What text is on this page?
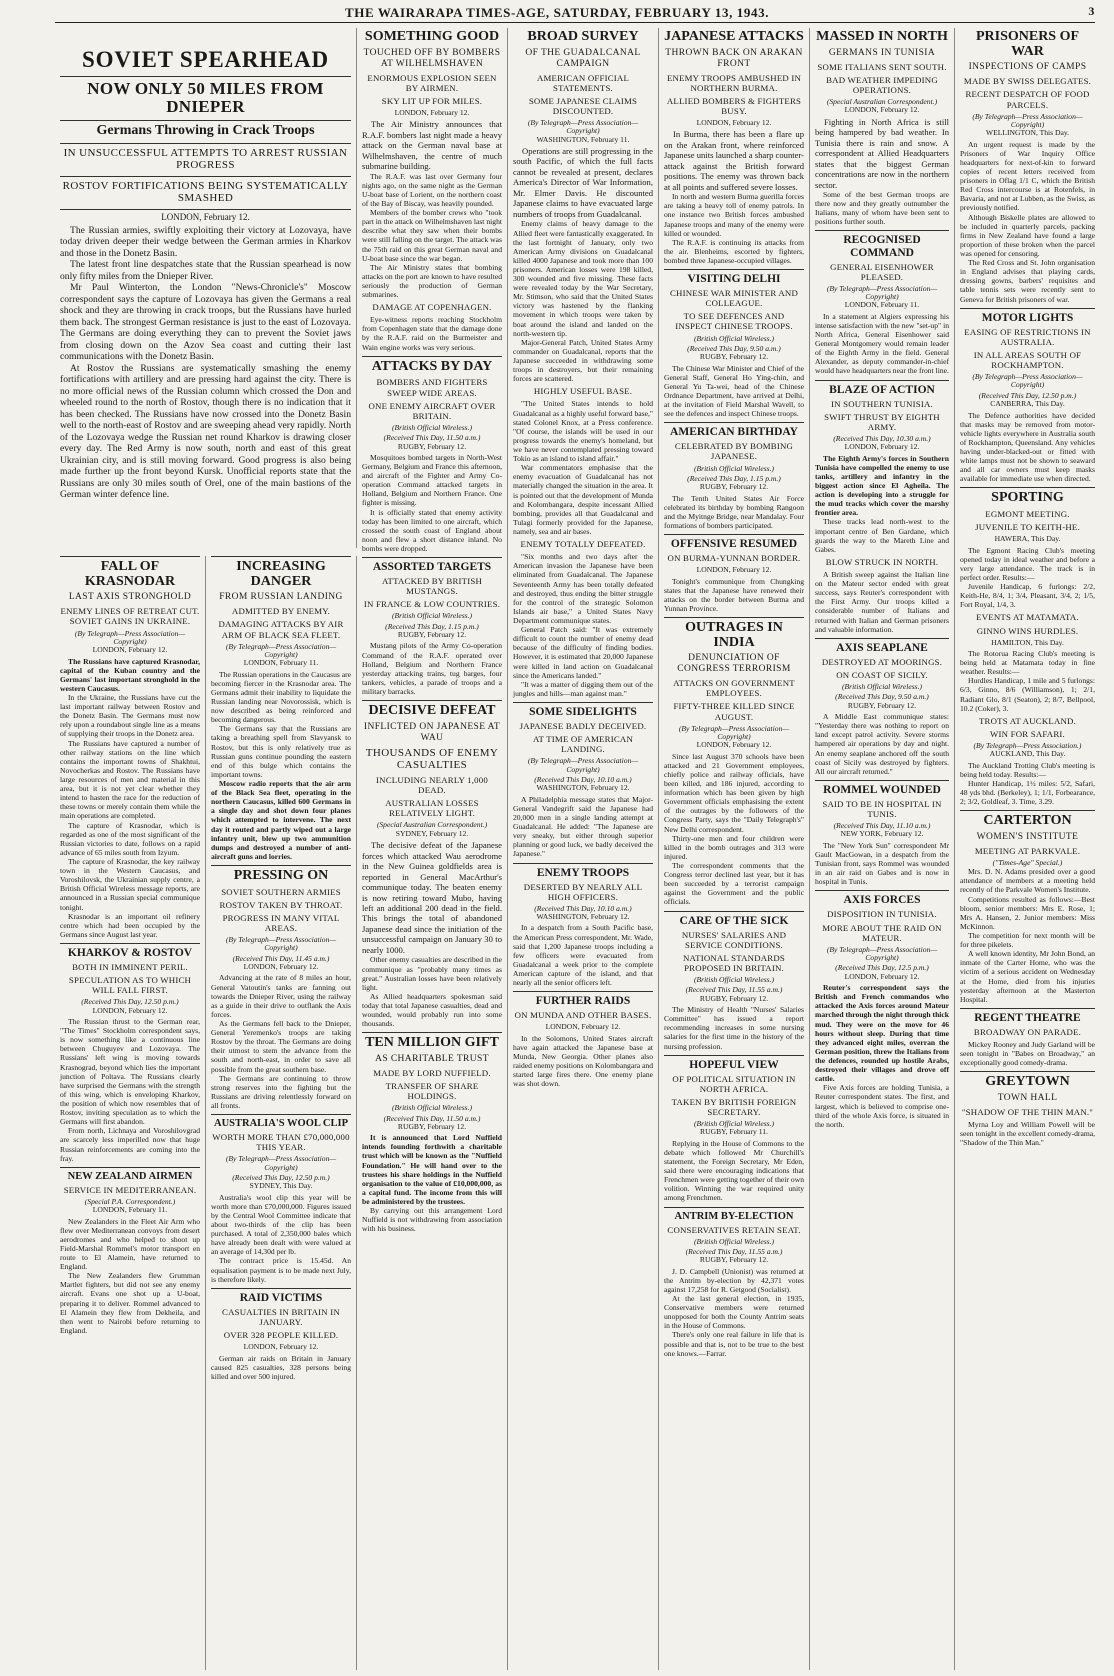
THE WAIRARAPA TIMES-AGE, SATURDAY, FEBRUARY 13, 1943.	3
SOVIET SPEARHEAD
NOW ONLY 50 MILES FROM DNIEPER
Germans Throwing in Crack Troops
IN UNSUCCESSFUL ATTEMPTS TO ARREST RUSSIAN PROGRESS
ROSTOV FORTIFICATIONS BEING SYSTEMATICALLY SMASHED
LONDON, February 12.

The Russian armies, swiftly exploiting their victory at Lozovaya, have today driven deeper their wedge between the German armies in Kharkov and those in the Donetz Basin.

The latest front line despatches state that the Russian spearhead is now only fifty miles from the Dnieper River.

Mr Paul Winterton, the London "News-Chronicle's" Moscow correspondent says the capture of Lozovaya has given the Germans a real shock and they are throwing in crack troops, but the Russians have hurled them back. The strongest German resistance is just to the east of Lozovaya. The Germans are doing everything they can to prevent the Soviet jaws from closing down on the Azov Sea coast and cutting their last communications with the Donetz Basin.

At Rostov the Russians are systematically smashing the enemy fortifications with artillery and are pressing hard against the city. There is no more official news of the Russian column which crossed the Don and wheeled round to the north of Rostov, though there is no indication that it has been checked. The Russians have now crossed into the Donetz Basin well to the north-east of Rostov and are sweeping ahead very rapidly. North of the Lozovaya wedge the Russian net round Kharkov is drawing closer every day. The Red Army is now south, north and east of this great Ukrainian city, and is still moving forward. Good progress is also being made further up the front beyond Kursk. Unofficial reports state that the Russians are only 30 miles south of Orel, one of the main bastions of the German winter defence line.

FALL OF KRASNODAR
LAST AXIS STRONGHOLD
ENEMY LINES OF RETREAT CUT. SOVIET GAINS IN UKRAINE.
(By Telegraph—Press Association—Copyright)
LONDON, February 12.

The Russians have captured Krasnodar, capital of the Kuban country and the Germans' last important stronghold in the western Caucasus.

In the Ukraine, the Russians have cut the last important railway between Rostov and the Donetz Basin. The Germans must now rely upon a roundabout single line as a means of supplying their troops in the Donetz area.

The Russians have captured a number of other railway stations on the line which contains the important towns of Shakhtui, Novocherkas and Rostov. The Russians have large resources of men and material in this area, but it is not yet clear whether they intend to hasten the race for the reduction of these towns or merely contain them while the main operations are completed.

The capture of Krasnodar, which is regarded as one of the most significant of the Russian victories to date, follows on a rapid advance of 65 miles south from Izyum.

The capture of Krasnodar, the key railway town in the Western Caucasus, and Voroshilovsk, the Ukrainian supply centre, a British Official Wireless message reports, are announced in a Russian special communique tonight.

Krasnodar is an important oil refinery centre which had been occupied by the Germans since August last year.

KHARKOV & ROSTOV
BOTH IN IMMINENT PERIL.
SPECULATION AS TO WHICH WILL FALL FIRST.
(Received This Day, 12.50 p.m.)
LONDON, February 12.

The Russian thrust to the German rear, "The Times" Stockholm correspondent says, is now something like a continuous line between Chuguyev and Lozovaya. The Russians' left wing is moving towards Krasnograd, beyond which lies the important junction of Poltava. The Russians clearly have surprised the Germans with the strength of this wing, which is enveloping Kharkov, the position of which now resembles that of Rostov, inviting speculation as to which the Germans will first abandon.

From north, Lichnaya and Voroshilovgrad are scarcely less imperilled now that huge Russian reinforcements are coming into the fray.

NEW ZEALAND AIRMEN
SERVICE IN MEDITERRANEAN.
(Special P.A. Correspondent.)
LONDON, February 11.

New Zealanders in the Fleet Air Arm who flew over Mediterranean convoys from desert aerodromes and who helped to shoot up Field-Marshal Rommel's motor transport en route to El Alamein, have returned to England.

The New Zealanders flew Grumman Martlet fighters, but did not see any enemy aircraft. Evans one shot up a U-boat, preparing it to deliver. Rommel advanced to El Alamein they flew from Dekheila, and then went to Nairobi before returning to England.

INCREASING DANGER
FROM RUSSIAN LANDING
ADMITTED BY ENEMY.
DAMAGING ATTACKS BY AIR ARM OF BLACK SEA FLEET.
(By Telegraph—Press Association—Copyright)
LONDON, February 11.

The Russian operations in the Caucasus are becoming fiercer in the Krasnodar area. The Germans admit their inability to liquidate the Russian landing near Novorossisk, which is now described as being reinforced and becoming dangerous.

The Germans say that the Russians are taking a breathing spell from Slavyansk to Rostov, but this is only relatively true as Russian guns continue pounding the eastern end of this bulge which contains the important towns.

Moscow radio reports that the air arm of the Black Sea fleet, operating in the northern Caucasus, killed 600 Germans in a single day and shot down four planes which attempted to intervene. The next day it routed and partly wiped out a large infantry unit, blew up two ammunition dumps and destroyed a number of anti-aircraft guns and lorries.

PRESSING ON
SOVIET SOUTHERN ARMIES
ROSTOV TAKEN BY THROAT.
PROGRESS IN MANY VITAL AREAS.
(By Telegraph—Press Association—Copyright)
(Received This Day, 11.45 a.m.)
LONDON, February 12.

Advancing at the rate of 8 miles an hour, General Vatoutin's tanks are fanning out towards the Dnieper River, using the railway as a guide in their drive to outflank the Axis forces.

As the Germans fell back to the Dnieper, General Yeremenko's troops are taking Rostov by the throat. The Germans are doing their utmost to stem the advance from the south and north-east, in order to save all possible from the great southern base.

The Germans are continuing to throw strong reserves into the fighting but the Russians are driving relentlessly forward on all fronts.

AUSTRALIA'S WOOL CLIP
WORTH MORE THAN £70,000,000 THIS YEAR.
(By Telegraph—Press Association—Copyright)
(Received This Day, 12.50 p.m.)
SYDNEY, This Day.

Australia's wool clip this year will be worth more than £70,000,000. Figures issued by the Central Wool Committee indicate that about two-thirds of the clip has been purchased. A total of 2,350,000 bales which have already been dealt with were valued at an average of 14,30d per lb.

The contract price is 15.45d. An equalisation payment is to be made next July, is therefore likely.

RAID VICTIMS
CASUALTIES IN BRITAIN IN JANUARY.
OVER 328 PEOPLE KILLED.
LONDON, February 12.

German air raids on Britain in January caused 825 casualties, 328 persons being killed and over 500 injured.

SOMETHING GOOD
TOUCHED OFF BY BOMBERS AT WILHELMSHAVEN
ENORMOUS EXPLOSION SEEN BY AIRMEN.
SKY LIT UP FOR MILES.
LONDON, February 12.

The Air Ministry announces that R.A.F. bombers last night made a heavy attack on the German naval base at Wilhelmshaven, the centre of much submarine building.

The R.A.F. was last over Germany four nights ago, on the same night as the German U-boat base of Lorient, on the northern coast of the Bay of Biscay, was heavily pounded.

Members of the bomber crews who "took part in the attack on Wilhelmshaven last night describe what they saw when their bombs were still falling on the target. The attack was the 75th raid on this great German naval and U-boat base since the war began.

The Air Ministry states that bombing attacks on the port are known to have resulted seriously the production of German submarines.

DAMAGE AT COPENHAGEN.

Eye-witness reports reaching Stockholm from Copenhagen state that the damage done by the R.A.F. raid on the Burmeister and Wain engine works was very serious.

ATTACKS BY DAY
BOMBERS AND FIGHTERS SWEEP WIDE AREAS.
ONE ENEMY AIRCRAFT OVER BRITAIN.
(British Official Wireless.)
(Received This Day, 11.50 a.m.)
RUGBY, February 12.

Mosquitoes bombed targets in North-West Germany, Belgium and France this afternoon, and aircraft of the Fighter and Army Co-operation Command attacked targets in Holland, Belgium and Northern France. One fighter is missing.

It is officially stated that enemy activity today has been limited to one aircraft, which crossed the south coast of England about noon and flew a short distance inland. No bombs were dropped.

ASSORTED TARGETS
ATTACKED BY BRITISH MUSTANGS.
IN FRANCE & LOW COUNTRIES.
(British Official Wireless.)
(Received This Day, 1.15 p.m.)
RUGBY, February 12.

Mustang pilots of the Army Co-operation Command of the R.A.F. operated over Holland, Belgium and Northern France yesterday attacking trains, tug barges, four tankers, vehicles, a parade of troops and a military barracks.

DECISIVE DEFEAT
INFLICTED ON JAPANESE AT WAU
THOUSANDS OF ENEMY CASUALTIES
INCLUDING NEARLY 1,000 DEAD.
AUSTRALIAN LOSSES RELATIVELY LIGHT.
(Special Australian Correspondent.)
SYDNEY, February 12.

The decisive defeat of the Japanese forces which attacked Wau aerodrome in the New Guinea goldfields area is reported in General MacArthur's communique today. The beaten enemy is now retiring toward Mubo, having left an additional 200 dead in the field. This brings the total of abandoned Japanese dead since the initiation of the unsuccessful campaign on January 30 to nearly 1000.

Other enemy casualties are described in the communique as "probably many times as great." Australian losses have been relatively light.

As Allied headquarters spokesman said today that total Japanese casualties, dead and wounded, would probably run into some thousands.

TEN MILLION GIFT
AS CHARITABLE TRUST
MADE BY LORD NUFFIELD.
TRANSFER OF SHARE HOLDINGS.
(British Official Wireless.)
(Received This Day, 11.50 a.m.)
RUGBY, February 12.

It is announced that Lord Nuffield intends founding forthwith a charitable trust which will be known as the "Nuffield Foundation." He will hand over to the trustees his share holdings in the Nuffield organisation to the value of £10,000,000, as a capital fund. The income from this will be administered by the trustees.

By carrying out this arrangement Lord Nuffield is not withdrawing from association with his business.

BROAD SURVEY
OF THE GUADALCANAL CAMPAIGN
AMERICAN OFFICIAL STATEMENTS.
SOME JAPANESE CLAIMS DISCOUNTED.
(By Telegraph—Press Association—Copyright)
WASHINGTON, February 11.

Operations are still progressing in the south Pacific, of which the full facts cannot be revealed at present, declares America's Director of War Information, Mr. Elmer Davis. He discounted Japanese claims to have evacuated large numbers of troops from Guadalcanal.

Enemy claims of heavy damage to the Allied fleet were fantastically exaggerated. In the last fortnight of January, only two American Army divisions on Guadalcanal killed 4000 Japanese and took more than 100 prisoners. American losses were 198 killed, 300 wounded and five missing. These facts were revealed today by the War Secretary, Mr. Stimson, who said that the United States victory was hastened by the flanking movement in which troops were taken by boat around the island and landed on the north-western tip.

Major-General Patch, United States Army commander on Guadalcanal, reports that the Japanese succeeded in withdrawing some troops in destroyers, but their remaining forces are scattered.

HIGHLY USEFUL BASE.

"The United States intends to hold Guadalcanal as a highly useful forward base," stated Colonel Knox, at a Press conference. "Of course, the islands will be used in our progress towards the enemy's homeland, but we have never contemplated pressing toward Tokio as an island to island affair."

War commentators emphasise that the enemy evacuation of Guadalcanal has not materially changed the situation in the area. It is pointed out that the development of Munda and Kolombangara, despite incessant Allied bombing, provides all that Guadalcanal and Tulagi formerly provided for the Japanese, namely, sea and air bases.

ENEMY TOTALLY DEFEATED.

"Six months and two days after the American invasion the Japanese have been eliminated from Guadalcanal. The Japanese Seventeenth Army has been totally defeated and destroyed, thus ending the bitter struggle for the control of the strategic Solomon Islands air base," a United States Navy Department communique states.

General Patch said: "It was extremely difficult to count the number of enemy dead because of the difficulty of finding bodies. However, it is estimated that 20,000 Japanese were killed in land action on Guadalcanal since the Americans landed."

"It was a matter of digging them out of the jungles and hills—man against man."

SOME SIDELIGHTS
JAPANESE BADLY DECEIVED.
AT TIME OF AMERICAN LANDING.
(By Telegraph—Press Association—Copyright)
(Received This Day, 10.10 a.m.)
WASHINGTON, February 12.

A Philadelphia message states that Major-General Vandegrift said the Japanese had 20,000 men in a single landing attempt at Guadalcanal. He added: "The Japanese are very sneaky, but either through superior planning or good luck, we badly deceived the Japanese."

ENEMY TROOPS
DESERTED BY NEARLY ALL HIGH OFFICERS.
(Received This Day, 10.10 a.m.)
WASHINGTON, February 12.

In a despatch from a South Pacific base, the American Press correspondent, Mr. Wade, said that 1,200 Japanese troops including a few officers were evacuated from Guadalcanal a week prior to the complete American capture of the island, and that nearly all the senior officers left.

FURTHER RAIDS
ON MUNDA AND OTHER BASES.
LONDON, February 12.

In the Solomons, United States aircraft have again attacked the Japanese base at Munda, New Georgia. Other planes also raided enemy positions on Kolombangara and started large fires there. One enemy plane was shot down.

JAPANESE ATTACKS
THROWN BACK ON ARAKAN FRONT
ENEMY TROOPS AMBUSHED IN NORTHERN BURMA.
ALLIED BOMBERS & FIGHTERS BUSY.
LONDON, February 12.

In Burma, there has been a flare up on the Arakan front, where reinforced Japanese units launched a sharp counter-attack against the British forward positions. The enemy was thrown back at all points and suffered severe losses.

In north and western Burma guerilla forces are taking a heavy toll of enemy patrols. In one instance two British forces ambushed Japanese troops and many of the enemy were killed or wounded.

The R.A.F. is continuing its attacks from the air. Blenheims, escorted by fighters, bombed three Japanese-occupied villages.

VISITING DELHI
CHINESE WAR MINISTER AND COLLEAGUE.
TO SEE DEFENCES AND INSPECT CHINESE TROOPS.
(British Official Wireless.)
(Received This Day, 9.50 a.m.)
RUGBY, February 12.

The Chinese War Minister and Chief of the General Staff, General Ho Ying-chin, and General Yu Ta-wei, head of the Chinese Ordnance Department, have arrived at Delhi, at the invitation of Field Marshal Wavell, to see the defences and inspect Chinese troops.

AMERICAN BIRTHDAY
CELEBRATED BY BOMBING JAPANESE.
(British Official Wireless.)
(Received This Day, 1.15 p.m.)
RUGBY, February 12.

The Tenth United States Air Force celebrated its birthday by bombing Rangoon and the Myitnge Bridge, near Mandalay. Four formations of bombers participated.

OFFENSIVE RESUMED
ON BURMA-YUNNAN BORDER.
LONDON, February 12.

Tonight's communique from Chungking states that the Japanese have renewed their attacks on the border between Burma and Yunnan Province.

OUTRAGES IN INDIA
DENUNCIATION OF CONGRESS TERRORISM
ATTACKS ON GOVERNMENT EMPLOYEES.
FIFTY-THREE KILLED SINCE AUGUST.
(By Telegraph—Press Association—Copyright)
LONDON, February 12.

Since last August 370 schools have been attacked and 21 Government employees, chiefly police and railway officials, have been killed, and 186 injured, according to information which has been given by high Government officials emphasising the extent of the outrages by the followers of the Congress Party, says the "Daily Telegraph's" New Delhi correspondent.

Thirty-one men and four children were killed in the bomb outrages and 313 were injured.

The correspondent comments that the Congress terror declined last year, but it has been succeeded by a terrorist campaign against the Government and the public officials.

CARE OF THE SICK
NURSES' SALARIES AND SERVICE CONDITIONS.
NATIONAL STANDARDS PROPOSED IN BRITAIN.
(British Official Wireless.)
(Received This Day, 11.55 a.m.)
RUGBY, February 12.

The Ministry of Health "Nurses' Salaries Committee" has issued a report recommending increases in some nursing salaries for the first time in the history of the nursing profession.

HOPEFUL VIEW
OF POLITICAL SITUATION IN NORTH AFRICA.
TAKEN BY BRITISH FOREIGN SECRETARY.
(British Official Wireless.)
RUGBY, February 11.

Replying in the House of Commons to the debate which followed Mr Churchill's statement, the Foreign Secretary, Mr Eden, said there were encouraging indications that Frenchmen were getting together of their own volition. Winning the war required unity among Frenchmen.

ANTRIM BY-ELECTION
CONSERVATIVES RETAIN SEAT.
(British Official Wireless.)
(Received This Day, 11.55 a.m.)
RUGBY, February 12.

J. D. Campbell (Unionist) was returned at the Antrim by-election by 42,371 votes against 17,258 for R. Getgood (Socialist).

At the last general election, in 1935, Conservative members were returned unopposed for both the County Antrim seats in the House of Commons.

There's only one real failure in life that is possible and that is, not to be true to the best one knows.—Farrar.

MASSED IN NORTH
GERMANS IN TUNISIA
SOME ITALIANS SENT SOUTH.
BAD WEATHER IMPEDING OPERATIONS.
(Special Australian Correspondent.)
LONDON, February 12.

Fighting in North Africa is still being hampered by bad weather. In Tunisia there is rain and snow. A correspondent at Allied Headquarters states that the biggest German concentrations are now in the northern sector.

Some of the best German troops are there now and they greatly outnumber the Italians, many of whom have been sent to positions further south.

RECOGNISED COMMAND
GENERAL EISENHOWER PLEASED.
(By Telegraph—Press Association—Copyright)
LONDON, February 11.

In a statement at Algiers expressing his intense satisfaction with the new "set-up" in North Africa, General Eisenhower said General Montgomery would remain leader of the Eighth Army in the field. General Alexander, as deputy commander-in-chief would have headquarters near the front line.

BLAZE OF ACTION
IN SOUTHERN TUNISIA.
SWIFT THRUST BY EIGHTH ARMY.
(Received This Day, 10.30 a.m.)
LONDON, February 12.

The Eighth Army's forces in Southern Tunisia have compelled the enemy to use tanks, artillery and infantry in the biggest action since El Agheila. The action is developing into a struggle for the mud tracks which cover the marshy frontier area.

These tracks lead north-west to the important centre of Ben Gardane, which guards the way to the Mareth Line and Gabes.

BLOW STRUCK IN NORTH.

A British sweep against the Italian line on the Mateur sector ended with great success, says Reuter's correspondent with the First Army. Our troops killed a considerable number of Italians and returned with Italian and German prisoners and valuable information.

AXIS SEAPLANE
DESTROYED AT MOORINGS.
ON COAST OF SICILY.
(British Official Wireless.)
(Received This Day, 9.50 a.m.)
RUGBY, February 12.

A Middle East communique states: "Yesterday there was nothing to report on land except patrol activity. Severe storms hampered air operations by day and night. An enemy seaplane anchored off the south coast of Sicily was destroyed by fighters. All our aircraft returned."

ROMMEL WOUNDED
SAID TO BE IN HOSPITAL IN TUNIS.
(Received This Day, 11.10 a.m.)
NEW YORK, February 12.

The "New York Sun" correspondent Mr Gault MacGowan, in a despatch from the Tunisian front, says Rommel was wounded in an air raid on Gabes and is now in hospital in Tunis.

AXIS FORCES
DISPOSITION IN TUNISIA.
MORE ABOUT THE RAID ON MATEUR.
(By Telegraph—Press Association—Copyright)
(Received This Day, 12.5 p.m.)
LONDON, February 12.

Reuter's correspondent says the British and French commandos who attacked the Axis forces around Mateur marched through the night through thick mud. They were on the move for 46 hours without sleep. During that time they advanced eight miles, overran the German position, threw the Italians from the defences, rounded up hostile Arabs, destroyed their villages and drove off cattle.

Five Axis forces are holding Tunisia, a Reuter correspondent states. The first, and largest, which is believed to comprise one-third of the whole Axis force, is situated in the north.

PRISONERS OF WAR
INSPECTIONS OF CAMPS
MADE BY SWISS DELEGATES.
RECENT DESPATCH OF FOOD PARCELS.
(By Telegraph—Press Association—Copyright)
WELLINGTON, This Day.

An urgent request is made by the Prisoners of War Inquiry Office headquarters for next-of-kin to forward copies of recent letters received from prisoners in Oflag 1/1 C, which the British Red Cross intercourse is at Rotenfels, in Bavaria, and not at Lubben, as the Swiss, as previously notified.

Although Biskelle plates are allowed to be included in quarterly parcels, packing firms in New Zealand have found a large proportion of these broken when the parcel was opened for censoring.

The Red Cross and St. John organisation in England advises that playing cards, dressing gowns, barbers' requisites and table tennis sets were recently sent to Geneva for British prisoners of war.

MOTOR LIGHTS
EASING OF RESTRICTIONS IN AUSTRALIA.
IN ALL AREAS SOUTH OF ROCKHAMPTON.
(By Telegraph—Press Association—Copyright)
(Received This Day, 12.50 p.m.)
CANBERRA, This Day.

The Defence authorities have decided that masks may be removed from motor-vehicle lights everywhere in Australia south of Rockhampton, Queensland. Any vehicles having under-blacked-out or fitted with white lamps must not be shown to seaward and all car owners must keep masks available for immediate use when directed.

SPORTING
EGMONT MEETING.
JUVENILE TO KEITH-HE.
HAWERA, This Day.

The Egmont Racing Club's meeting opened today in ideal weather and before a very large attendance. The track is in perfect order. Results:—

Juvenile Handicap, 6 furlongs: 2/2, Keith-He, 8/4, 1; 3/4, Pleasant, 3/4, 2; 1/5, Fort Royal, 1/4, 3.

EVENTS AT MATAMATA.
GINNO WINS HURDLES.
HAMILTON, This Day.

The Rotorua Racing Club's meeting is being held at Matamata today in fine weather. Results:—

Hurdles Handicap, 1 mile and 5 furlongs: 6/3, Ginno, 8/6 (Williamson), 1; 2/1, Radiant Glo, 8/1 (Seaton), 2; 8/7, Bellpool, 10.2 (Coker), 3.

TROTS AT AUCKLAND.
WIN FOR SAFARI.
(By Telegraph—Press Association.)
AUCKLAND, This Day.

The Auckland Trotting Club's meeting is being held today. Results:—

Hunter Handicap, 1½ miles: 5/2, Safari, 48 yds bhd. (Berkeley), 1; 1/1, Forbearance, 2; 3/2, Goldleaf, 3. Time, 3.29.

CARTERTON
WOMEN'S INSTITUTE
MEETING AT PARKVALE.
("Times-Age" Special.)

Mrs. D. N. Adams presided over a good attendance of members at a meeting held recently of the Parkvale Women's Institute.

Competitions resulted as follows:—Best bloom, senior members: Mrs E. Rose, 1; Mrs A. Hansen, 2. Junior members: Miss McKinnon.

The competition for next month will be for three pikelets.

A well known identity, Mr John Bond, an inmate of the Carter Home, who was the victim of a serious accident on Wednesday at the Home, died from his injuries yesterday afternoon at the Masterton Hospital.

REGENT THEATRE
BROADWAY ON PARADE.

Mickey Rooney and Judy Garland will be seen tonight in "Babes on Broadway," an exceptionally good comedy-drama.

GREYTOWN
TOWN HALL
"SHADOW OF THE THIN MAN."

Myrna Loy and William Powell will be seen tonight in the excellent comedy-drama, "Shadow of the Thin Man."
